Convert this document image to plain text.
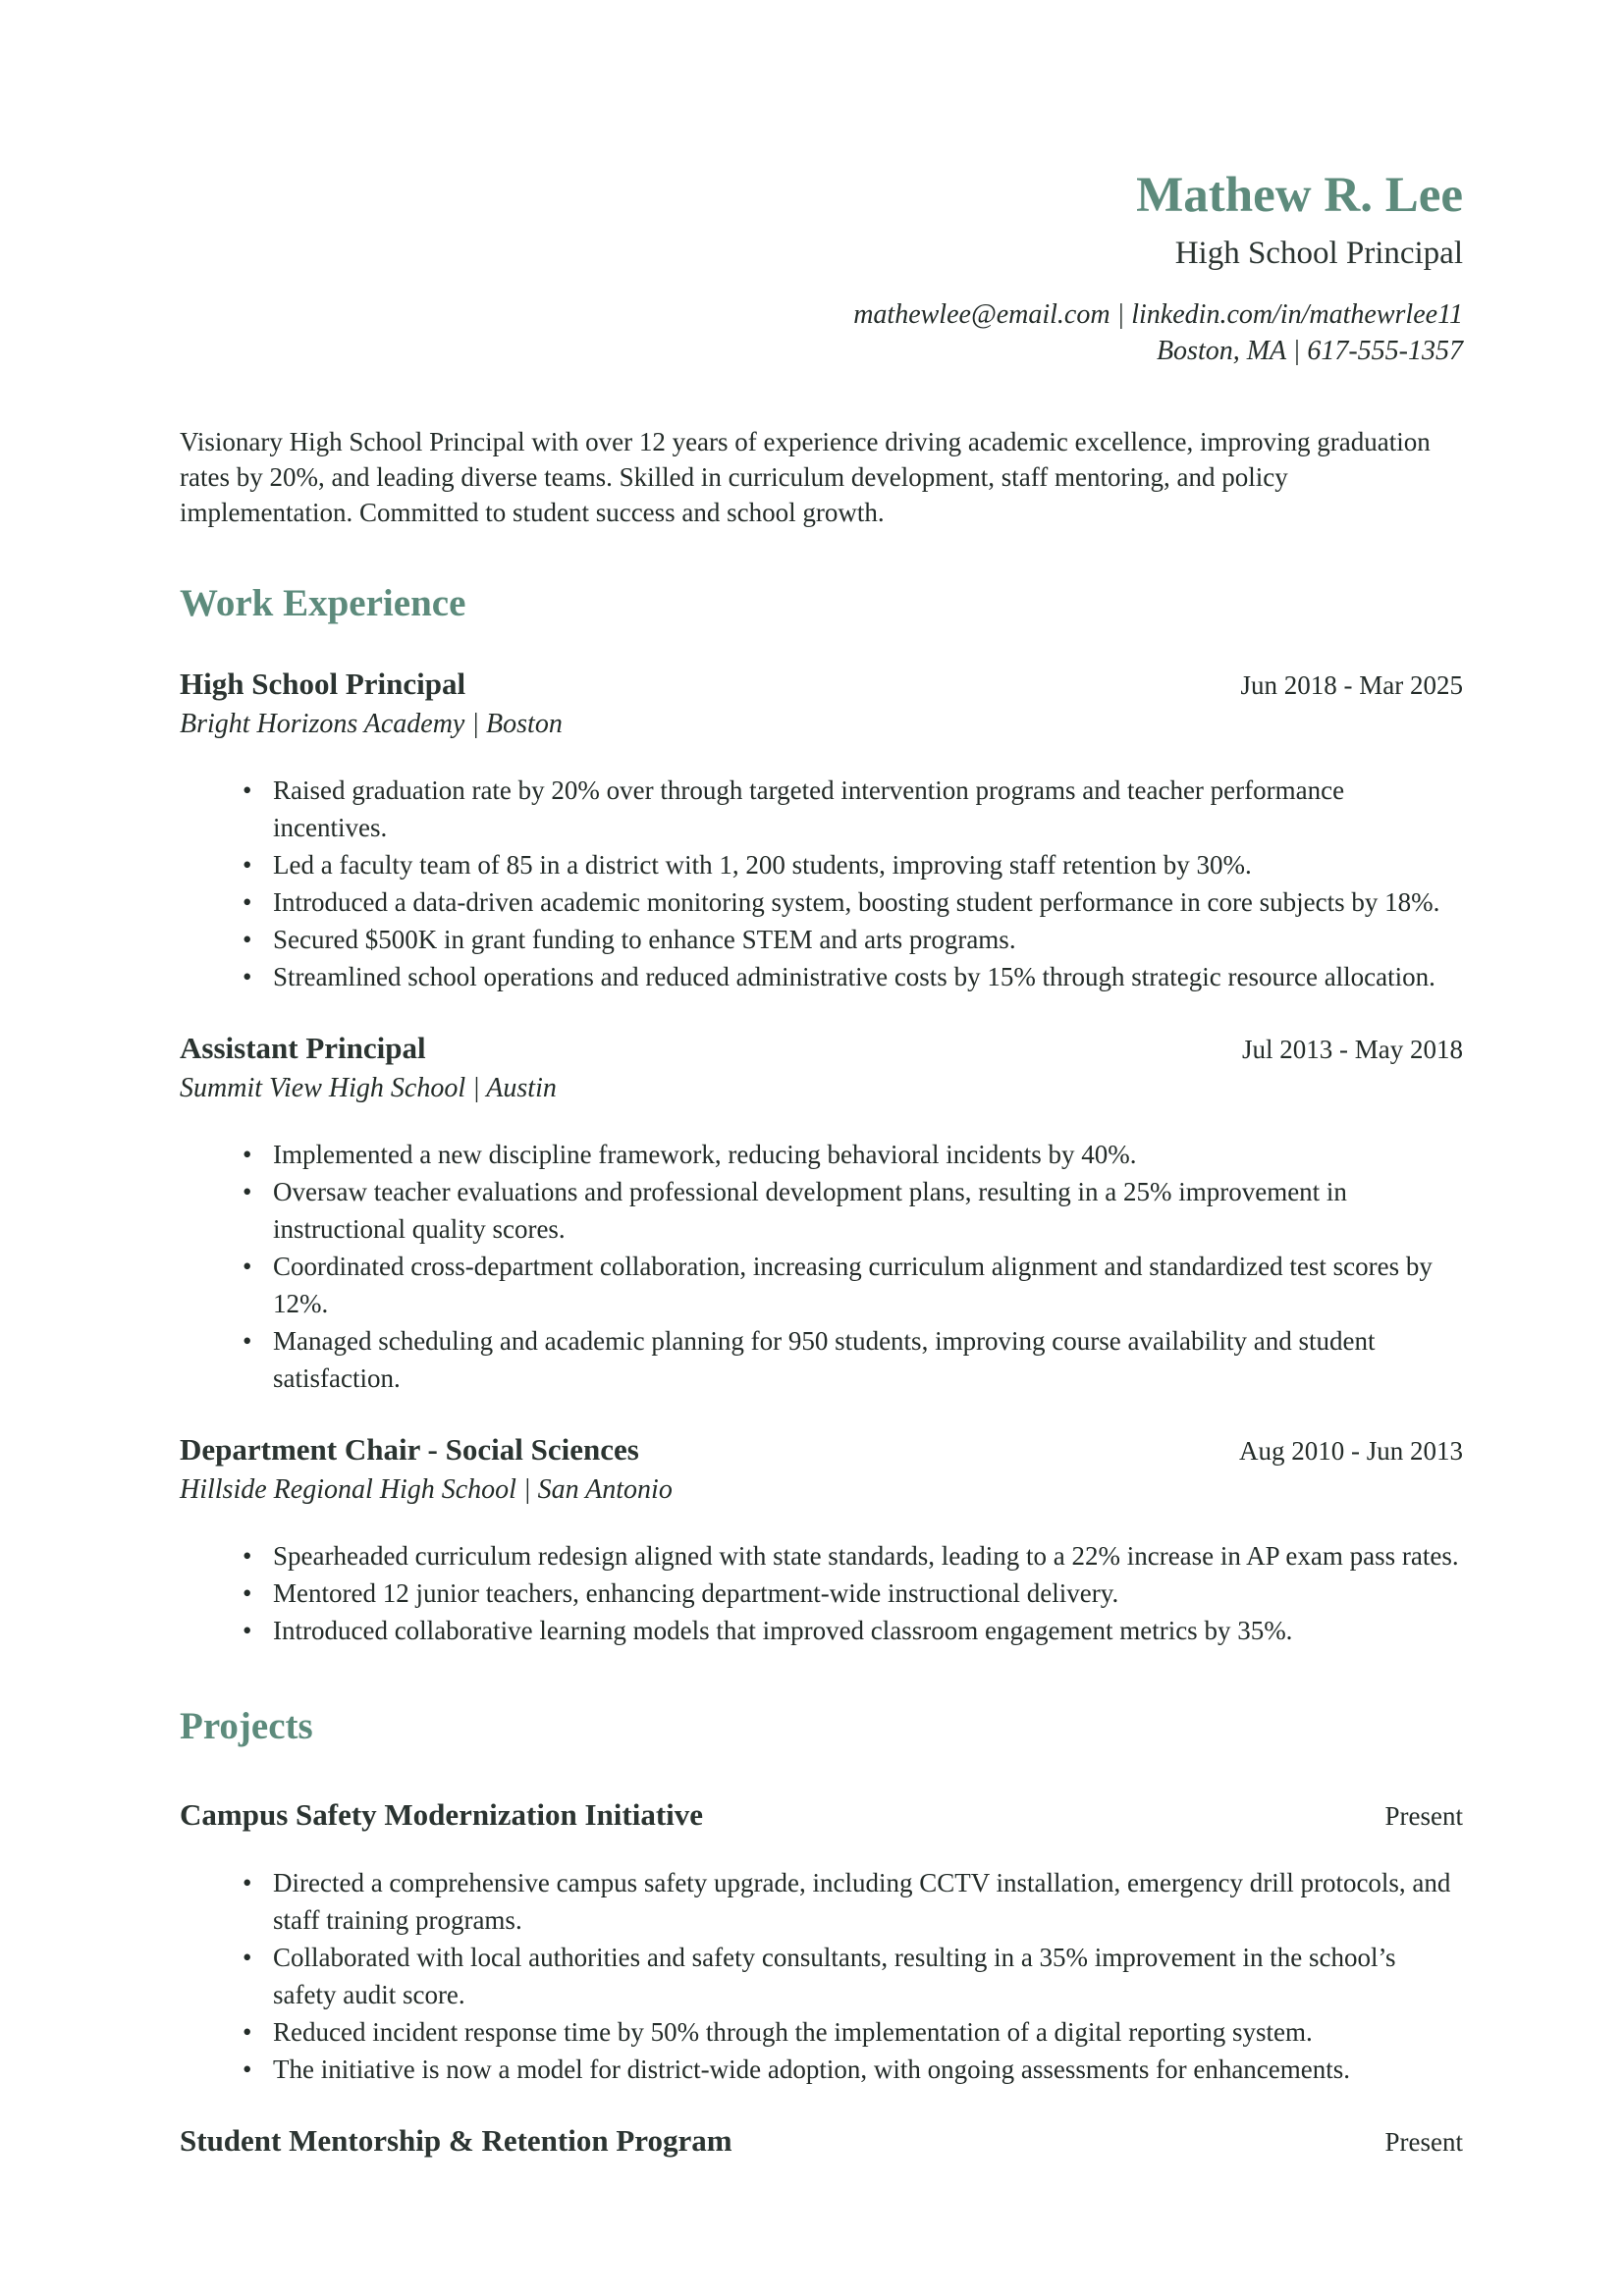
Mathew R. Lee
High School Principal
mathewlee@email.com | linkedin.com/in/mathewrlee11
Boston, MA | 617-555-1357

Visionary High School Principal with over 12 years of experience driving academic excellence, improving graduation rates by 20%, and leading diverse teams. Skilled in curriculum development, staff mentoring, and policy implementation. Committed to student success and school growth.

Work Experience
High School Principal	Jun 2018 - Mar 2025
Bright Horizons Academy | Boston
• Raised graduation rate by 20% over through targeted intervention programs and teacher performance incentives.
• Led a faculty team of 85 in a district with 1, 200 students, improving staff retention by 30%.
• Introduced a data-driven academic monitoring system, boosting student performance in core subjects by 18%.
• Secured $500K in grant funding to enhance STEM and arts programs.
• Streamlined school operations and reduced administrative costs by 15% through strategic resource allocation.
Assistant Principal	Jul 2013 - May 2018
Summit View High School | Austin
• Implemented a new discipline framework, reducing behavioral incidents by 40%.
• Oversaw teacher evaluations and professional development plans, resulting in a 25% improvement in instructional quality scores.
• Coordinated cross-department collaboration, increasing curriculum alignment and standardized test scores by 12%.
• Managed scheduling and academic planning for 950 students, improving course availability and student satisfaction.
Department Chair - Social Sciences	Aug 2010 - Jun 2013
Hillside Regional High School | San Antonio
• Spearheaded curriculum redesign aligned with state standards, leading to a 22% increase in AP exam pass rates.
• Mentored 12 junior teachers, enhancing department-wide instructional delivery.
• Introduced collaborative learning models that improved classroom engagement metrics by 35%.
Projects
Campus Safety Modernization Initiative	Present
• Directed a comprehensive campus safety upgrade, including CCTV installation, emergency drill protocols, and staff training programs.
• Collaborated with local authorities and safety consultants, resulting in a 35% improvement in the school’s safety audit score.
• Reduced incident response time by 50% through the implementation of a digital reporting system.
• The initiative is now a model for district-wide adoption, with ongoing assessments for enhancements.
Student Mentorship & Retention Program	Present
